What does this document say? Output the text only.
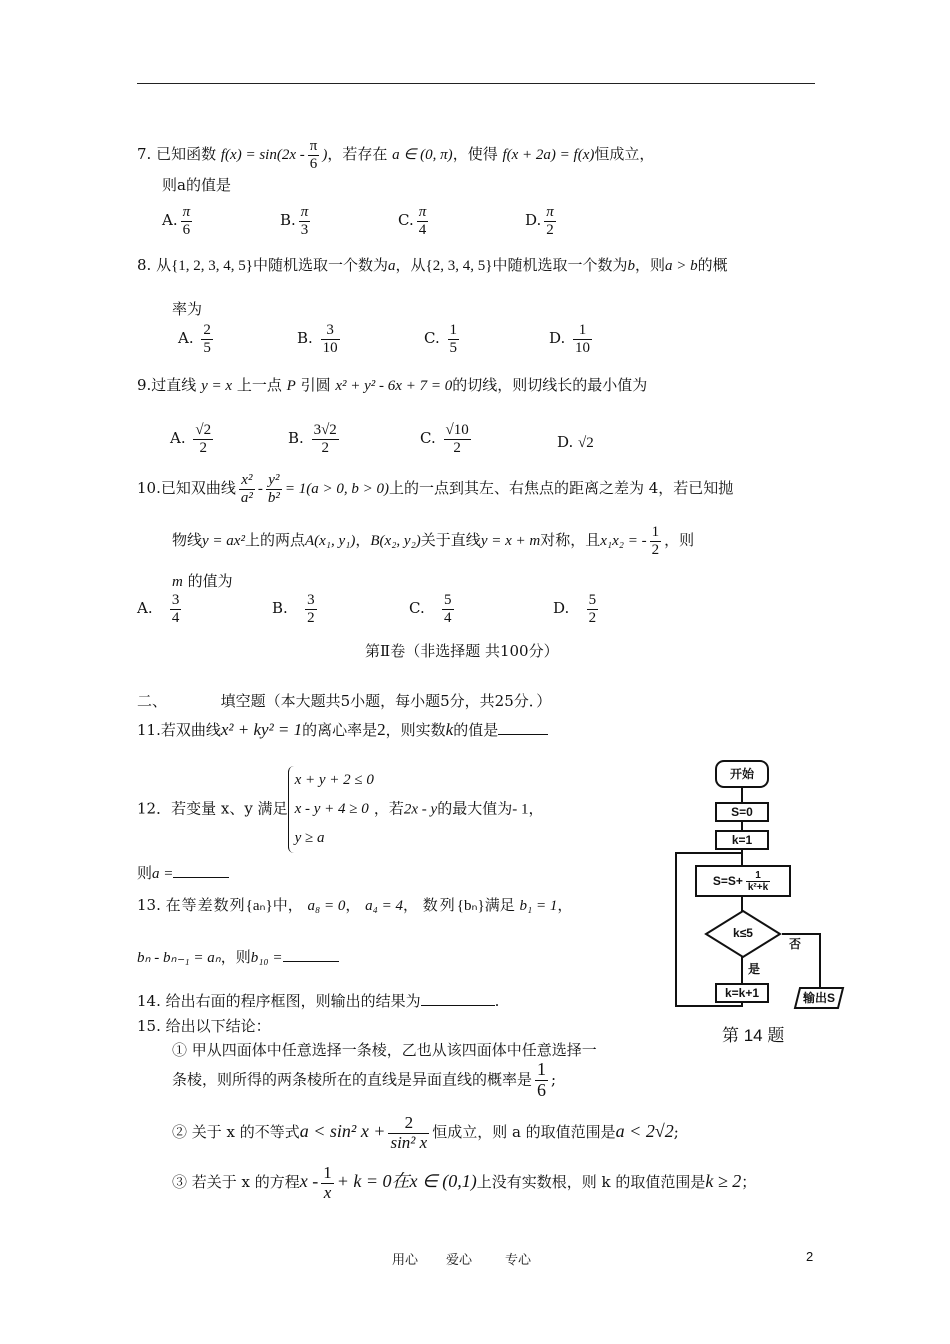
7. 已知函数 $f(x) = \sin(2x - \frac{\pi}{6}$ )，若存在 a ∈ (0, π)，使得 f(x + 2a) = f(x)恒成立，
则a的值是
A. $\frac{\pi}{6}$	B. $\frac{\pi}{3}$	C. $\frac{\pi}{4}$	D. $\frac{\pi}{2}$
8. 从{1, 2, 3, 4, 5}中随机选取一个数为a，从{2, 3, 4, 5}中随机选取一个数为b，则a > b的概
率为
A. $\frac{2}{5}$	B. $\frac{3}{10}$	C. $\frac{1}{5}$	D. $\frac{1}{10}$
9.过直线 y = x 上一点 P 引圆 x² + y² - 6x + 7 = 0的切线，则切线长的最小值为
A. $\frac{√2}{2}$	B. $\frac{3√2}{2}$	C. $\frac{√10}{2}$	D. √2
10.已知双曲线 $\frac{\text{x²}}{\text{a²}} - \frac{\text{y²}}{\text{b²}} = 1(a > 0$, b > 0)上的一点到其左、右焦点的距离之差为 4，若已知抛
物线y = ax²上的两点A(x₁, y₁)，B(x₂, y₂)关于直线y = x + m对称，且x₁x₂ = - $\frac{1}{2}$ ，则
m 的值为
A. $\frac{3}{4}$	B. $\frac{3}{2}$	C. $\frac{5}{4}$	D. $\frac{5}{2}$
第Ⅱ卷（非选择题 共100分）
二、	填空题（本大题共5小题，每小题5分，共25分．）
11.若双曲线x² + ky² = 1的离心率是2，则实数k的值是
12．若变量 x、y 满足
x + y + 2 ≤ 0
x - y + 4 ≥ 0
y ≥ a
，若2x - y的最大值为- 1，
则a =
13. 在等差数列{aₙ}中， a₈ = 0， a₄ = 4， 数列{bₙ}满足 b₁ = 1，
bₙ - bₙ₋₁ = aₙ，则b₁₀ =
14. 给出右面的程序框图，则输出的结果为	.
15. 给出以下结论：
① 甲从四面体中任意选择一条棱，乙也从该四面体中任意选择一
条棱，则所得的两条棱所在的直线是异面直线的概率是 $\frac{1}{6}$ ;
② 关于 x 的不等式a < sin² $x + \frac{2}{\text{sin² x}}$ 恒成立，则 a 的取值范围是a < 2√2;
③ 若关于 x 的方程$x - \frac{1}{x} + k = 0$在x ∈ (0,1)上没有实数根，则 k 的取值范围是k ≥ 2；
开始
S=0
k=1
$S=S+ \frac{1}{\text{k²+k}}$
k≤5
否
是
k=k+1	输出S
第 14 题
用心 爱心	专心	2
